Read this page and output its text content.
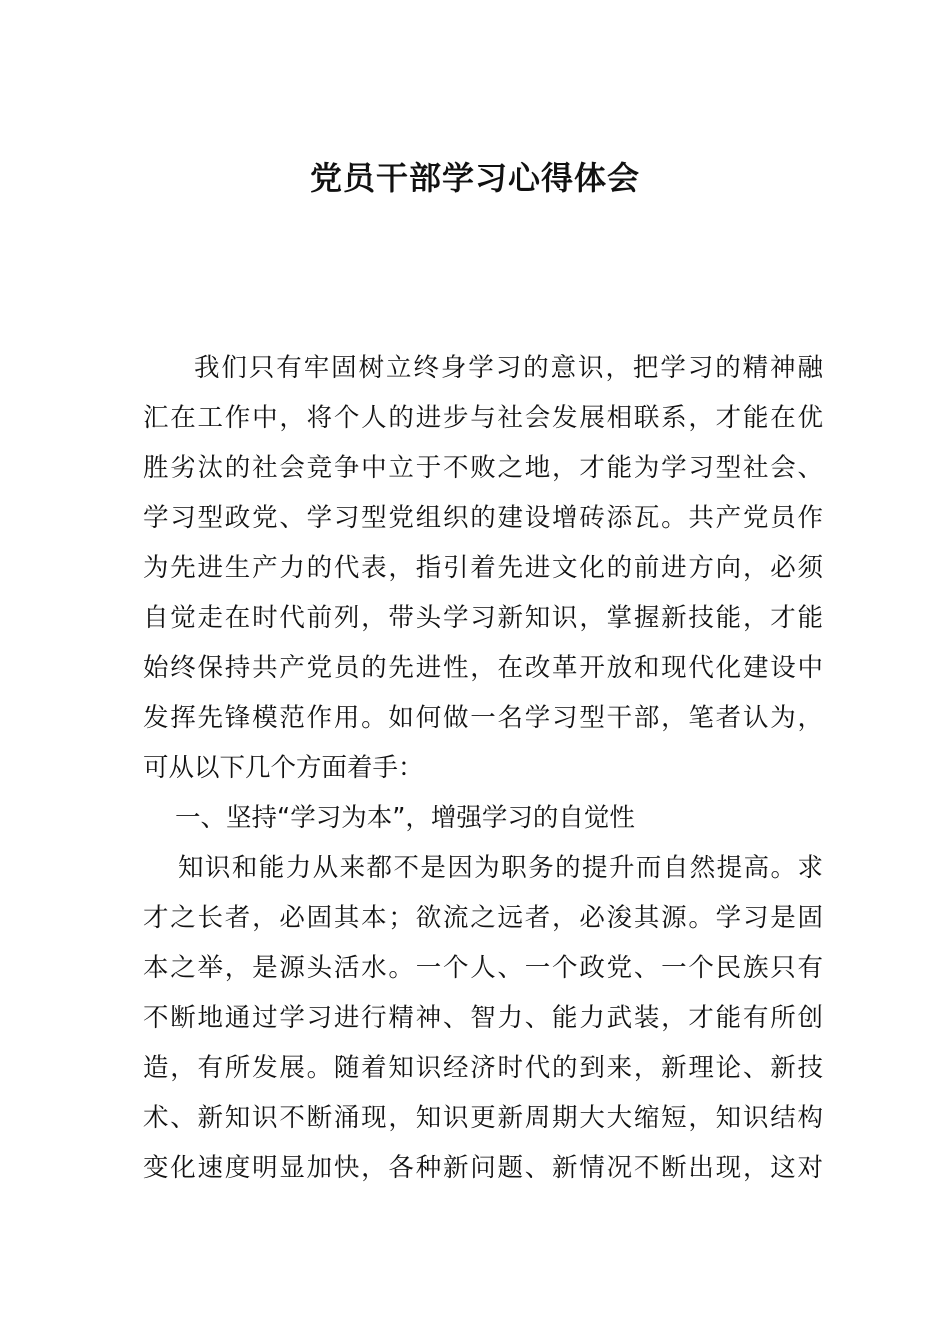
党员干部学习心得体会
我们只有牢固树立终身学习的意识，把学习的精神融
汇在工作中，将个人的进步与社会发展相联系，才能在优
胜劣汰的社会竞争中立于不败之地，才能为学习型社会、
学习型政党、学习型党组织的建设增砖添瓦。共产党员作
为先进生产力的代表，指引着先进文化的前进方向，必须
自觉走在时代前列，带头学习新知识，掌握新技能，才能
始终保持共产党员的先进性，在改革开放和现代化建设中
发挥先锋模范作用。如何做一名学习型干部，笔者认为，
可从以下几个方面着手：
一、坚持“学习为本”，增强学习的自觉性
知识和能力从来都不是因为职务的提升而自然提高。求
才之长者，必固其本；欲流之远者，必浚其源。学习是固
本之举，是源头活水。一个人、一个政党、一个民族只有
不断地通过学习进行精神、智力、能力武装，才能有所创
造，有所发展。随着知识经济时代的到来，新理论、新技
术、新知识不断涌现，知识更新周期大大缩短，知识结构
变化速度明显加快，各种新问题、新情况不断出现，这对
